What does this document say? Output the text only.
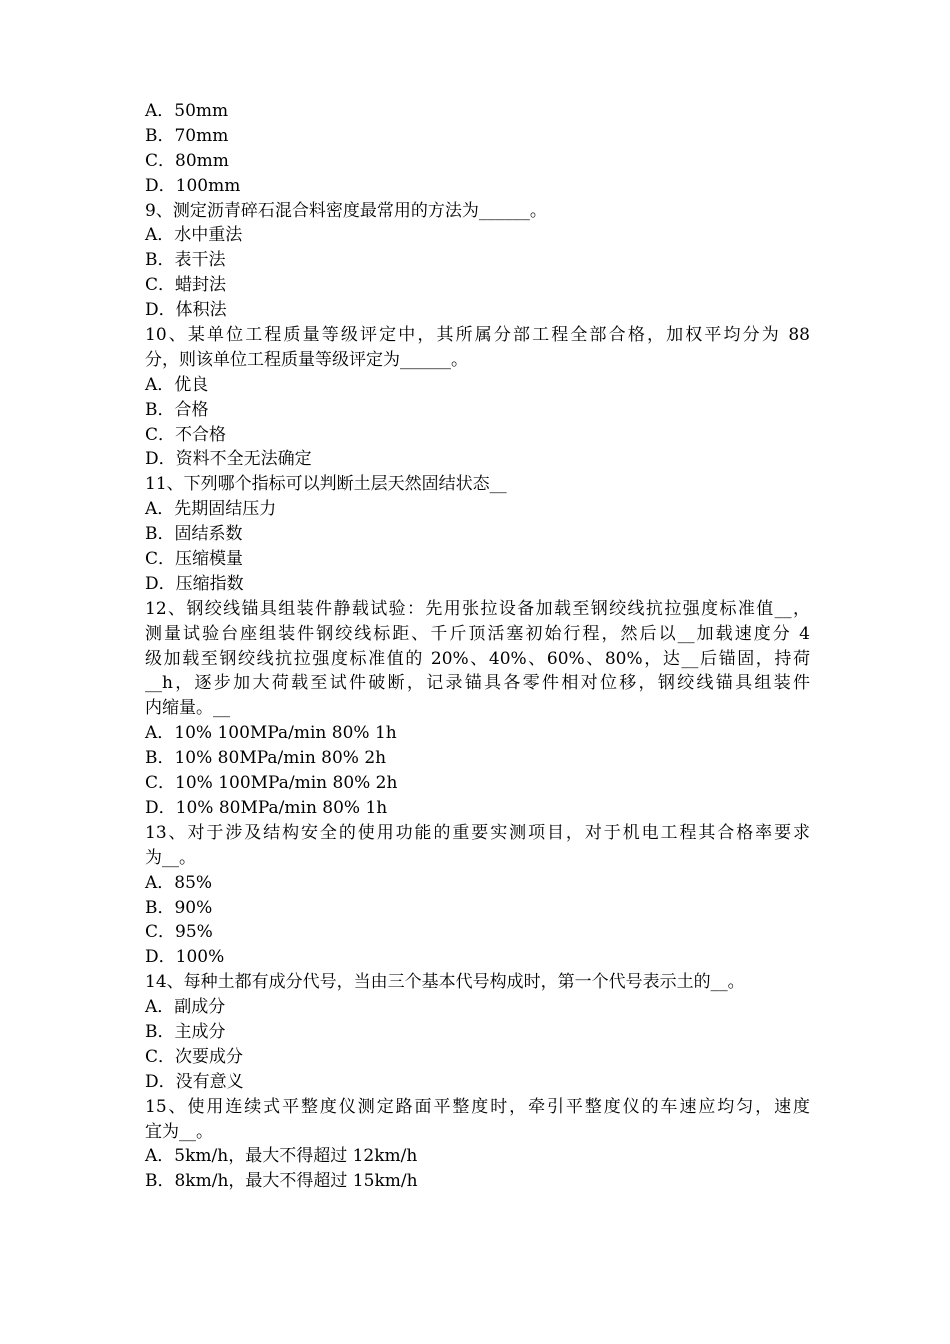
A．50mm
B．70mm
C．80mm
D．100mm
9、测定沥青碎石混合料密度最常用的方法为______。
A．水中重法
B．表干法
C．蜡封法
D．体积法
10、某单位工程质量等级评定中，其所属分部工程全部合格，加权平均分为 88
分，则该单位工程质量等级评定为______。
A．优良
B．合格
C．不合格
D．资料不全无法确定
11、下列哪个指标可以判断土层天然固结状态__
A．先期固结压力
B．固结系数
C．压缩模量
D．压缩指数
12、钢绞线锚具组装件静载试验：先用张拉设备加载至钢绞线抗拉强度标准值__，
测量试验台座组装件钢绞线标距、千斤顶活塞初始行程，然后以__加载速度分 4
级加载至钢绞线抗拉强度标准值的 20%、40%、60%、80%，达__后锚固，持荷
__h，逐步加大荷载至试件破断，记录锚具各零件相对位移，钢绞线锚具组装件
内缩量。__
A．10% 100MPa/min 80% 1h
B．10% 80MPa/min 80% 2h
C．10% 100MPa/min 80% 2h
D．10% 80MPa/min 80% 1h
13、对于涉及结构安全的使用功能的重要实测项目，对于机电工程其合格率要求
为__。
A．85%
B．90%
C．95%
D．100%
14、每种土都有成分代号，当由三个基本代号构成时，第一个代号表示土的__。
A．副成分
B．主成分
C．次要成分
D．没有意义
15、使用连续式平整度仪测定路面平整度时，牵引平整度仪的车速应均匀，速度
宜为__。
A．5km/h，最大不得超过 12km/h
B．8km/h，最大不得超过 15km/h
